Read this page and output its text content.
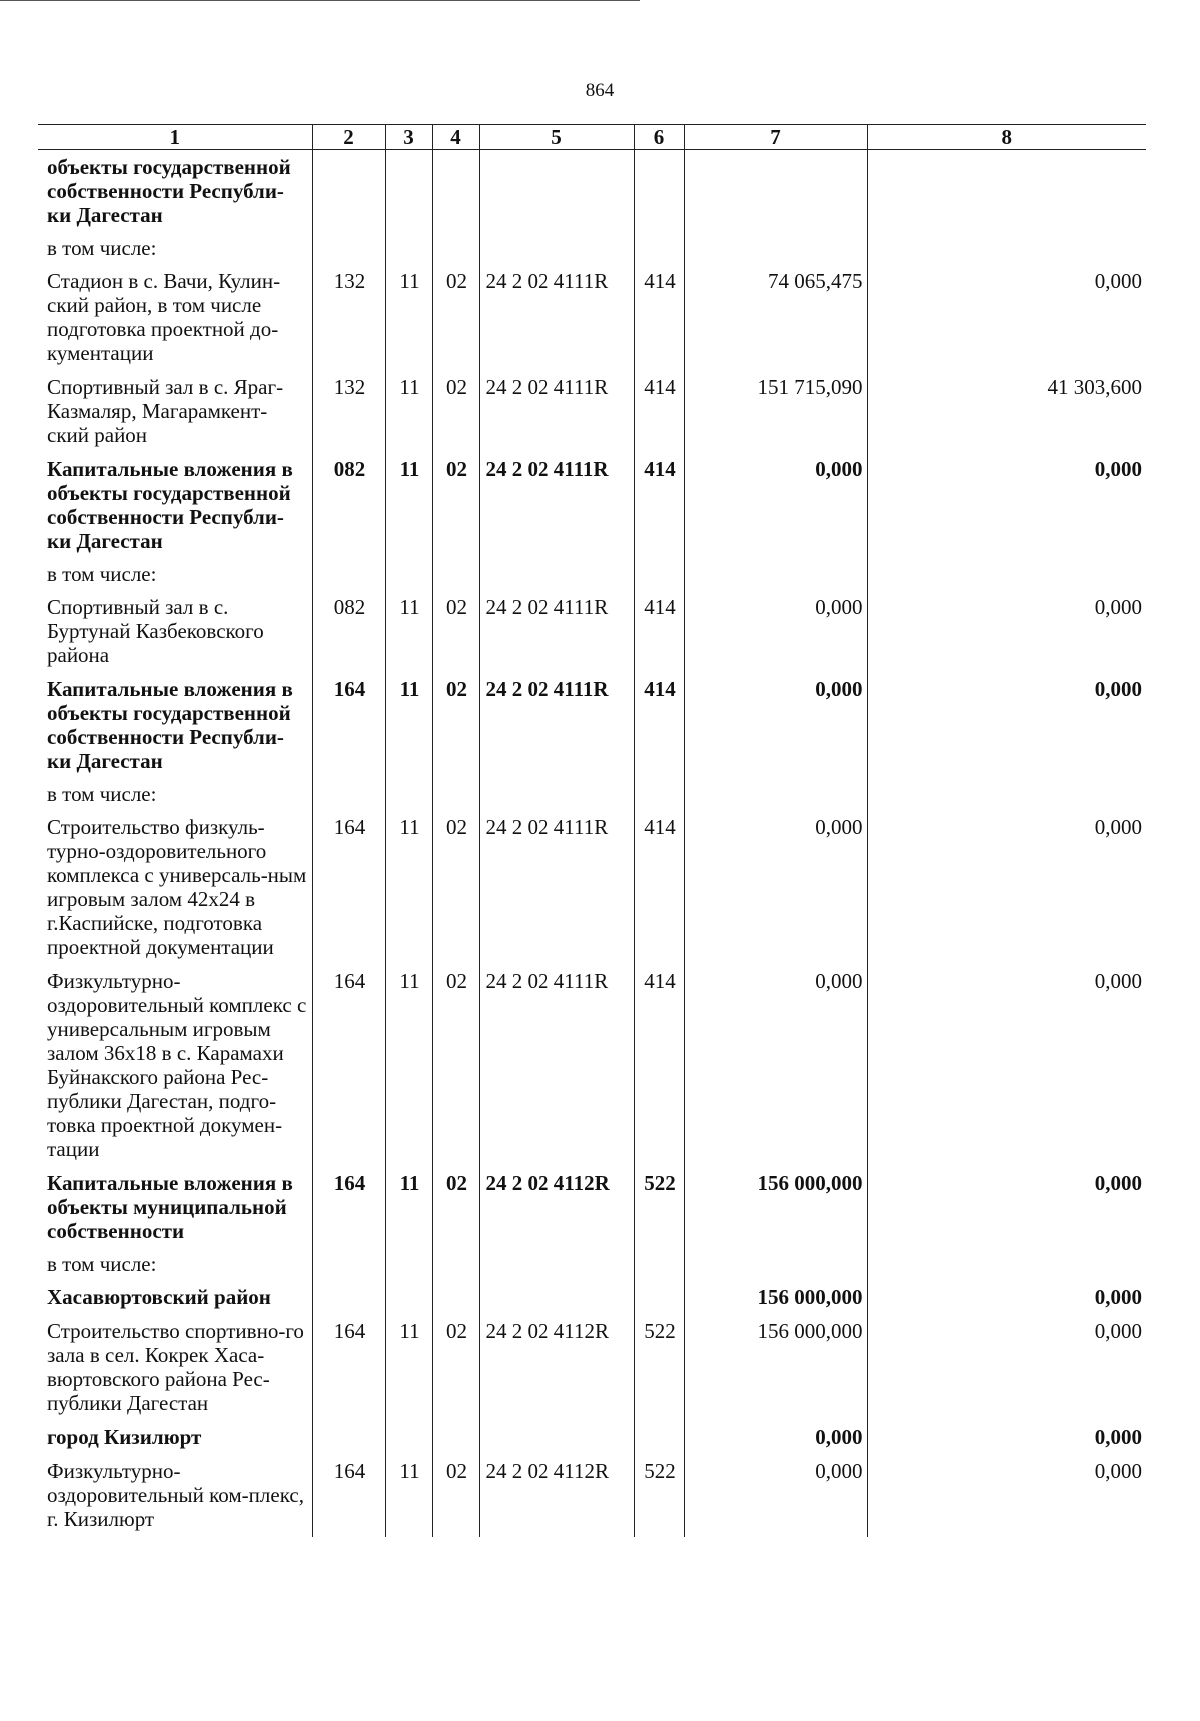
864
1	2	3	4	5	6	7	8
объекты государственной собственности Республи-ки Дагестан							
в том числе:							
Стадион в с. Вачи, Кулин-ский район, в том числе подготовка проектной до-кументации	132	11	02	24 2 02 4111R	414	74 065,475	0,000
Спортивный зал в с. Яраг-Казмаляр, Магарамкент-ский район	132	11	02	24 2 02 4111R	414	151 715,090	41 303,600
Капитальные вложения в объекты государственной собственности Республи-ки Дагестан	082	11	02	24 2 02 4111R	414	0,000	0,000
в том числе:							
Спортивный зал в с. Буртунай Казбековского района	082	11	02	24 2 02 4111R	414	0,000	0,000
Капитальные вложения в объекты государственной собственности Республи-ки Дагестан	164	11	02	24 2 02 4111R	414	0,000	0,000
в том числе:							
Строительство физкуль-турно-оздоровительного комплекса с универсаль-ным игровым залом 42х24 в г.Каспийске, подготовка проектной документации	164	11	02	24 2 02 4111R	414	0,000	0,000
Физкультурно-оздоровительный комплекс с универсальным игровым залом 36х18 в с. Карамахи Буйнакского района Рес-публики Дагестан, подго-товка проектной докумен-тации	164	11	02	24 2 02 4111R	414	0,000	0,000
Капитальные вложения в объекты муниципальной собственности	164	11	02	24 2 02 4112R	522	156 000,000	0,000
в том числе:							
Хасавюртовский район						156 000,000	0,000
Строительство спортивно-го зала в сел. Кокрек Хаса-вюртовского района Рес-публики Дагестан	164	11	02	24 2 02 4112R	522	156 000,000	0,000
город Кизилюрт						0,000	0,000
Физкультурно-оздоровительный ком-плекс, г. Кизилюрт	164	11	02	24 2 02 4112R	522	0,000	0,000
